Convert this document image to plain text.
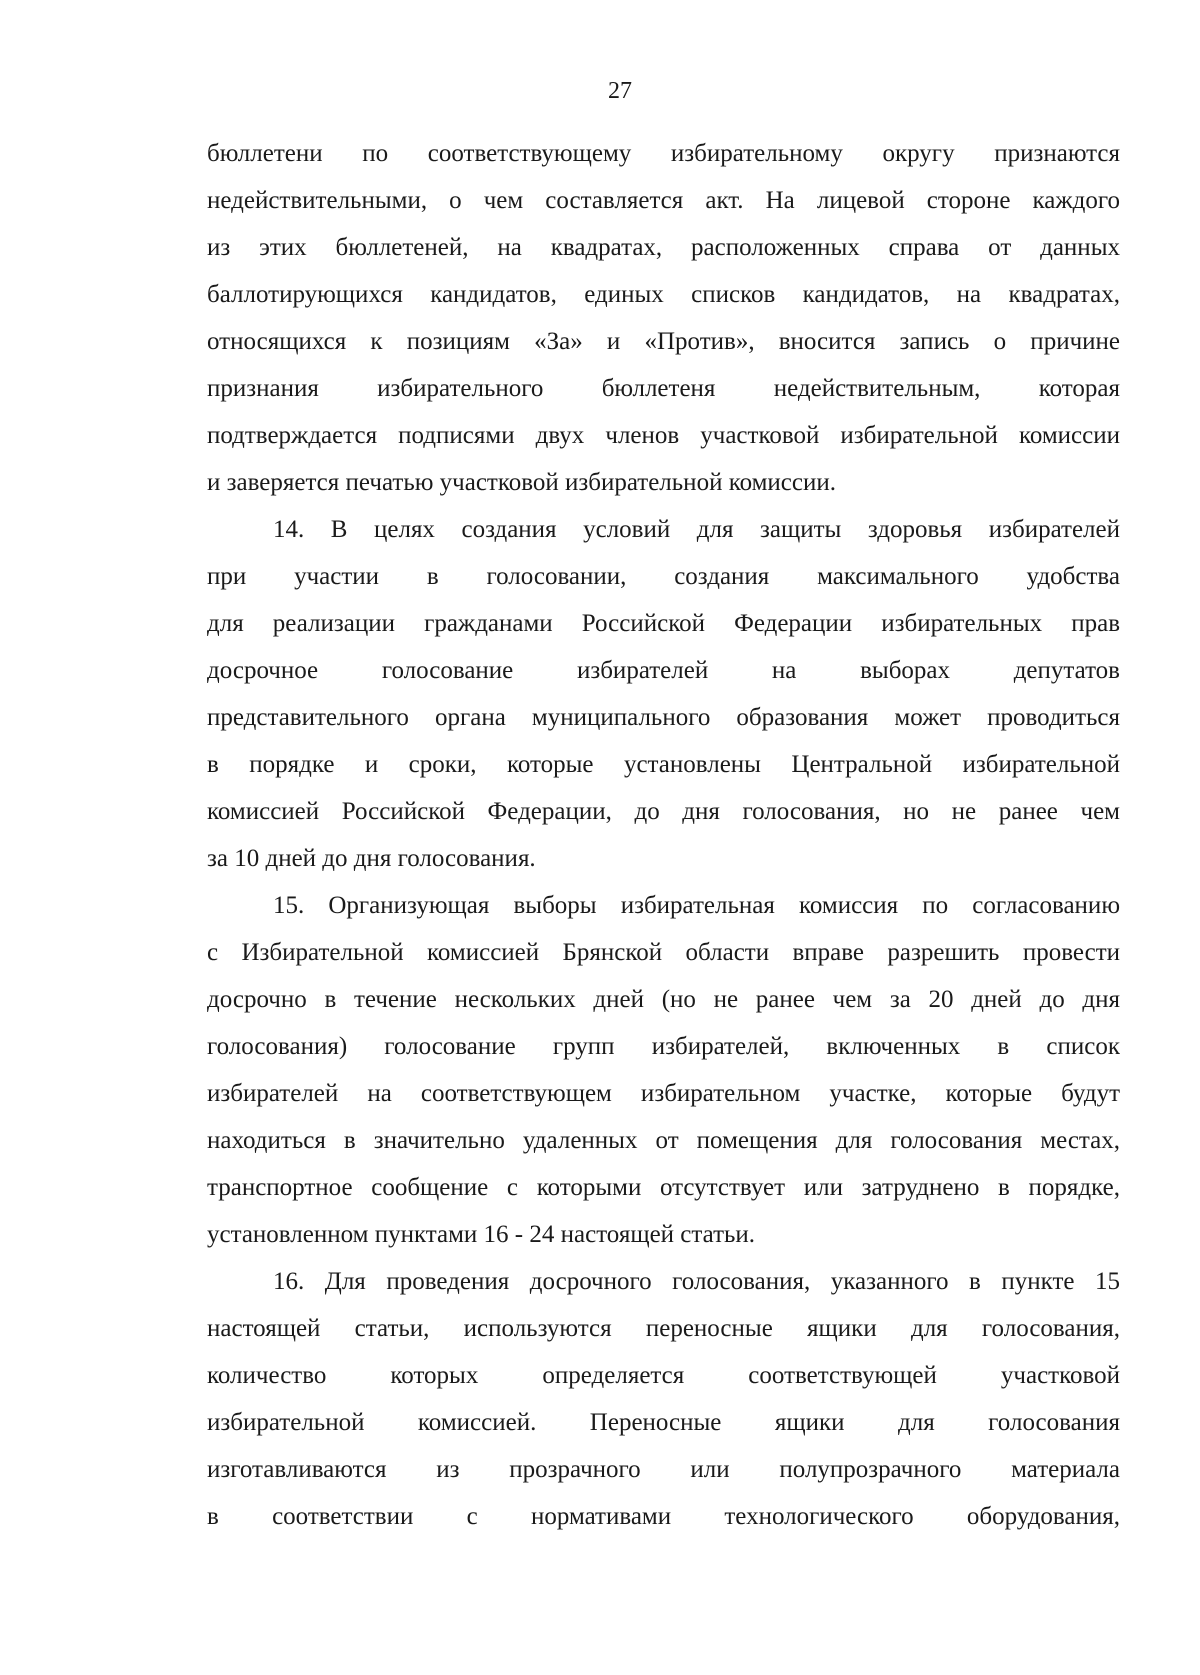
27
бюллетени по соответствующему избирательному округу признаются
недействительными, о чем составляется акт. На лицевой стороне каждого
из этих бюллетеней, на квадратах, расположенных справа от данных
баллотирующихся кандидатов, единых списков кандидатов, на квадратах,
относящихся к позициям «За» и «Против», вносится запись о причине
признания избирательного бюллетеня недействительным, которая
подтверждается подписями двух членов участковой избирательной комиссии
и заверяется печатью участковой избирательной комиссии.
14. В целях создания условий для защиты здоровья избирателей
при участии в голосовании, создания максимального удобства
для реализации гражданами Российской Федерации избирательных прав
досрочное голосование избирателей на выборах депутатов
представительного органа муниципального образования может проводиться
в порядке и сроки, которые установлены Центральной избирательной
комиссией Российской Федерации, до дня голосования, но не ранее чем
за 10 дней до дня голосования.
15. Организующая выборы избирательная комиссия по согласованию
с Избирательной комиссией Брянской области вправе разрешить провести
досрочно в течение нескольких дней (но не ранее чем за 20 дней до дня
голосования) голосование групп избирателей, включенных в список
избирателей на соответствующем избирательном участке, которые будут
находиться в значительно удаленных от помещения для голосования местах,
транспортное сообщение с которыми отсутствует или затруднено в порядке,
установленном пунктами 16 - 24 настоящей статьи.
16. Для проведения досрочного голосования, указанного в пункте 15
настоящей статьи, используются переносные ящики для голосования,
количество которых определяется соответствующей участковой
избирательной комиссией. Переносные ящики для голосования
изготавливаются из прозрачного или полупрозрачного материала
в соответствии с нормативами технологического оборудования,
